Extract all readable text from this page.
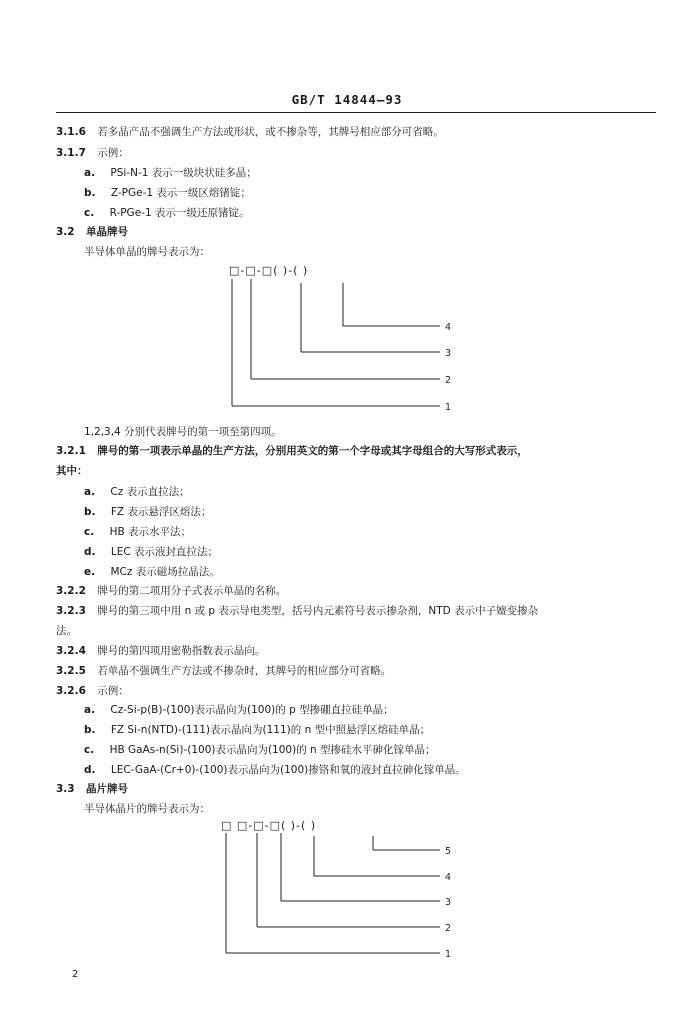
GB/T 14844—93
3.1.6 若多晶产品不强调生产方法或形状，或不掺杂等，其牌号相应部分可省略。
3.1.7 示例：
a. PSi-N-1 表示一级块状硅多晶；
b. Z-PGe-1 表示一级区熔锗锭；
c. R-PGe-1 表示一级还原锗锭。
3.2 单晶牌号
半导体单晶的牌号表示为：
□-□-□( )-( )
4
3
2
1
1,2,3,4 分别代表牌号的第一项至第四项。
3.2.1 牌号的第一项表示单晶的生产方法，分别用英文的第一个字母或其字母组合的大写形式表示，
其中：
a. Cz 表示直拉法；
b. FZ 表示悬浮区熔法；
c. HB 表示水平法；
d. LEC 表示液封直拉法；
e. MCz 表示磁场拉晶法。
3.2.2 牌号的第二项用分子式表示单晶的名称。
3.2.3 牌号的第三项中用 n 或 p 表示导电类型，括号内元素符号表示掺杂剂，NTD 表示中子嬗变掺杂
法。
3.2.4 牌号的第四项用密勒指数表示晶向。
3.2.5 若单晶不强调生产方法或不掺杂时，其牌号的相应部分可省略。
3.2.6 示例：
a. Cz-Si-p(B)-(100)表示晶向为(100)的 p 型掺硼直拉硅单晶；
b. FZ Si-n(NTD)-(111)表示晶向为(111)的 n 型中照悬浮区熔硅单晶；
c. HB GaAs-n(Si)-(100)表示晶向为(100)的 n 型掺硅水平砷化镓单晶；
d. LEC-GaA-(Cr+0)-(100)表示晶向为(100)掺铬和氧的液封直拉砷化镓单晶。
3.3 晶片牌号
半导体晶片的牌号表示为：
□ □-□-□( )-( )
5
4
3
2
1
2
